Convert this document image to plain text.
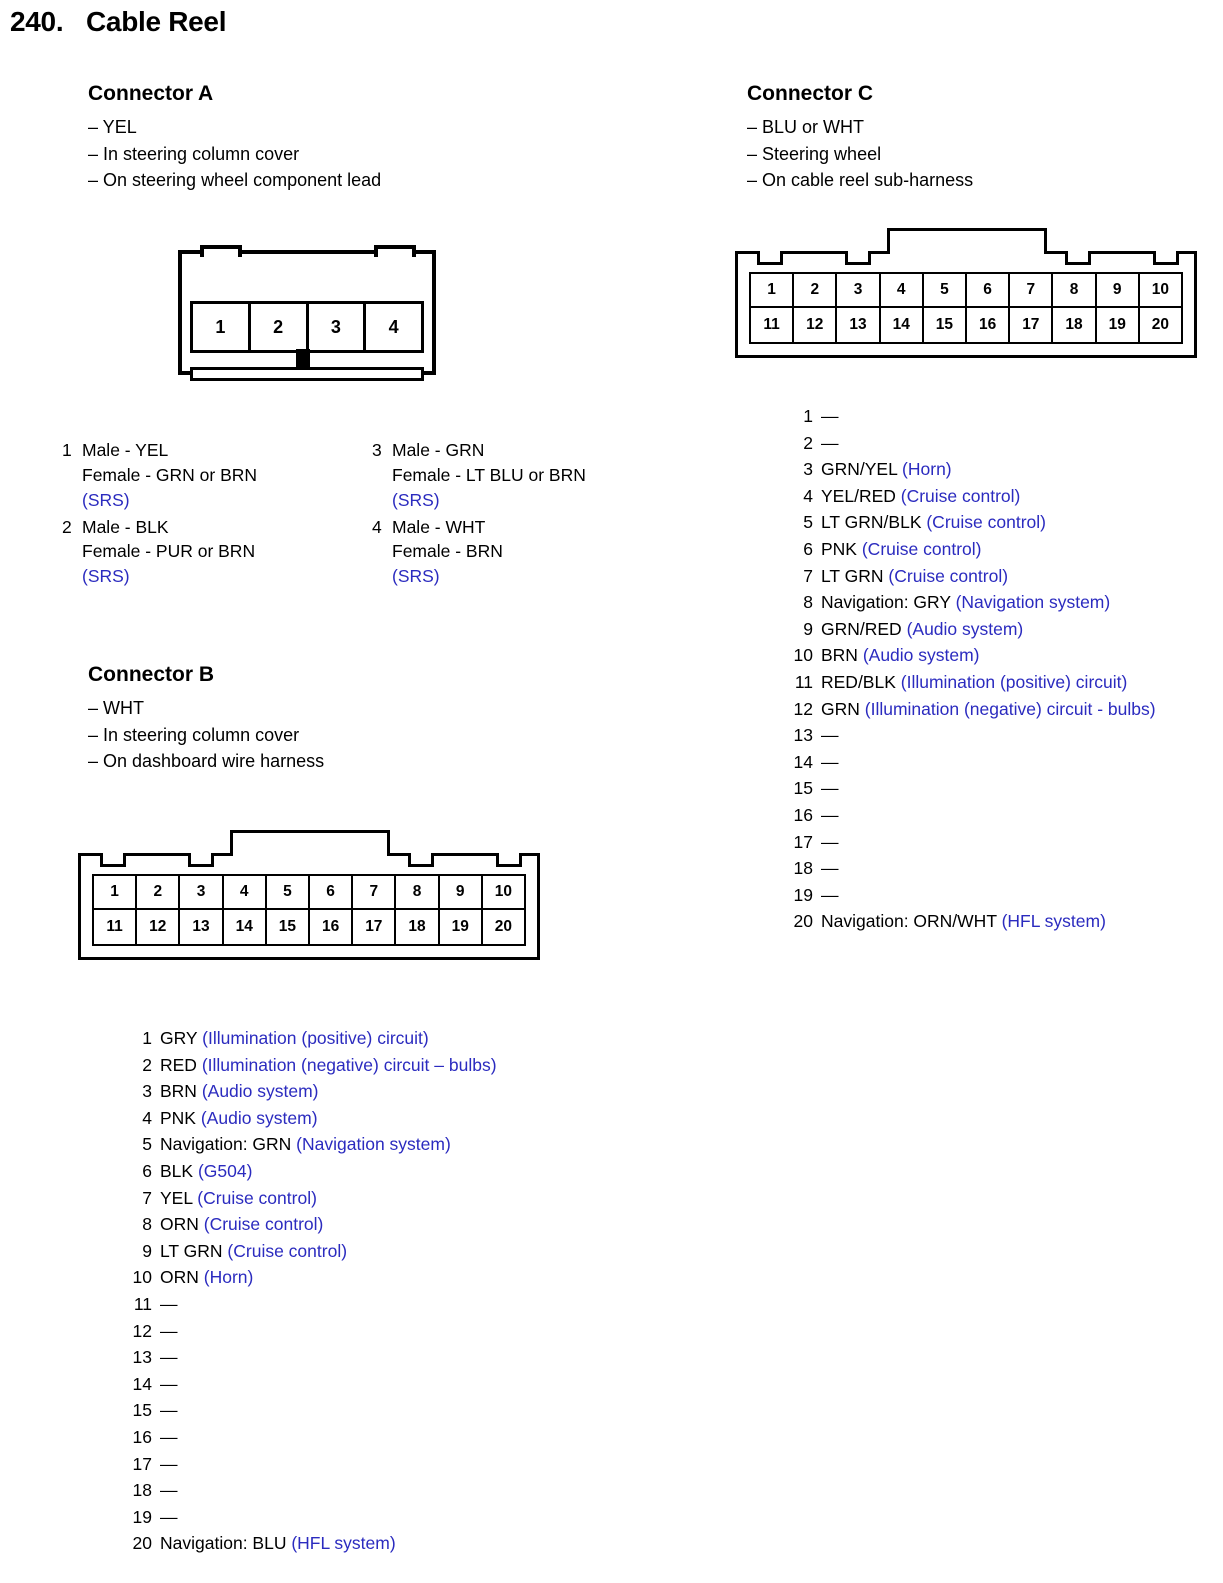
240. Cable Reel
Connector A
– YEL
– In steering column cover
– On steering wheel component lead
1	2	3	4
1 Male - YEL
Female - GRN or BRN
(SRS)
3 Male - GRN
Female - LT BLU or BRN
(SRS)
2 Male - BLK
Female - PUR or BRN
(SRS)
4 Male - WHT
Female - BRN
(SRS)
Connector B
– WHT
– In steering column cover
– On dashboard wire harness
1	2	3	4	5	6	7	8	9	10
11	12	13	14	15	16	17	18	19	20
1 GRY (Illumination (positive) circuit)
2 RED (Illumination (negative) circuit – bulbs)
3 BRN (Audio system)
4 PNK (Audio system)
5 Navigation: GRN (Navigation system)
6 BLK (G504)
7 YEL (Cruise control)
8 ORN (Cruise control)
9 LT GRN (Cruise control)
10 ORN (Horn)
11 —
12 —
13 —
14 —
15 —
16 —
17 —
18 —
19 —
20 Navigation: BLU (HFL system)
Connector C
– BLU or WHT
– Steering wheel
– On cable reel sub-harness
1	2	3	4	5	6	7	8	9	10
11	12	13	14	15	16	17	18	19	20
1 —
2 —
3 GRN/YEL (Horn)
4 YEL/RED (Cruise control)
5 LT GRN/BLK (Cruise control)
6 PNK (Cruise control)
7 LT GRN (Cruise control)
8 Navigation: GRY (Navigation system)
9 GRN/RED (Audio system)
10 BRN (Audio system)
11 RED/BLK (Illumination (positive) circuit)
12 GRN (Illumination (negative) circuit - bulbs)
13 —
14 —
15 —
16 —
17 —
18 —
19 —
20 Navigation: ORN/WHT (HFL system)
